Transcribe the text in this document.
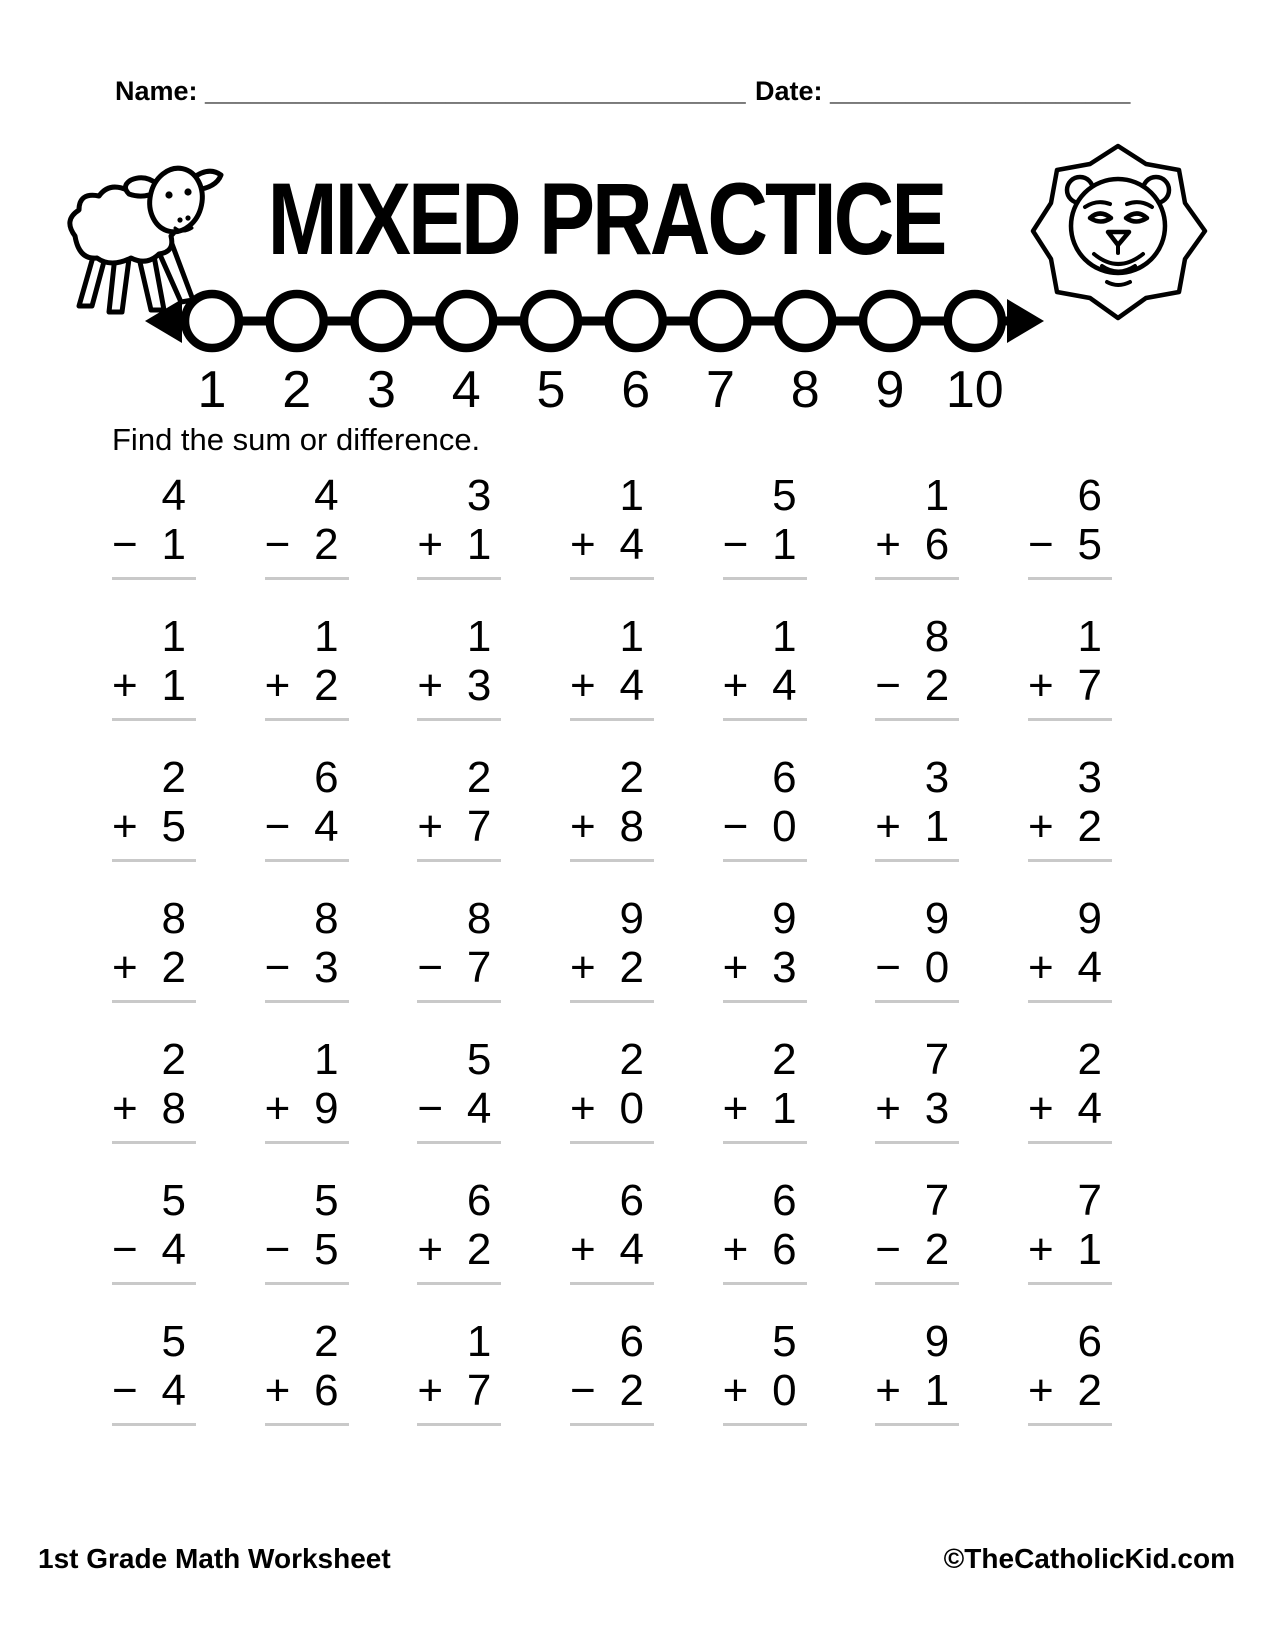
Name: ____________________________________ Date: ____________________
MIXED PRACTICE
1 2 3 4 5 6 7 8 9 10
Find the sum or difference.
4
− 1
4
− 2
3
+ 1
1
+ 4
5
− 1
1
+ 6
6
− 5
1
+ 1
1
+ 2
1
+ 3
1
+ 4
1
+ 4
8
− 2
1
+ 7
2
+ 5
6
− 4
2
+ 7
2
+ 8
6
− 0
3
+ 1
3
+ 2
8
+ 2
8
− 3
8
− 7
9
+ 2
9
+ 3
9
− 0
9
+ 4
2
+ 8
1
+ 9
5
− 4
2
+ 0
2
+ 1
7
+ 3
2
+ 4
5
− 4
5
− 5
6
+ 2
6
+ 4
6
+ 6
7
− 2
7
+ 1
5
− 4
2
+ 6
1
+ 7
6
− 2
5
+ 0
9
+ 1
6
+ 2
1st Grade Math Worksheet	©TheCatholicKid.com
